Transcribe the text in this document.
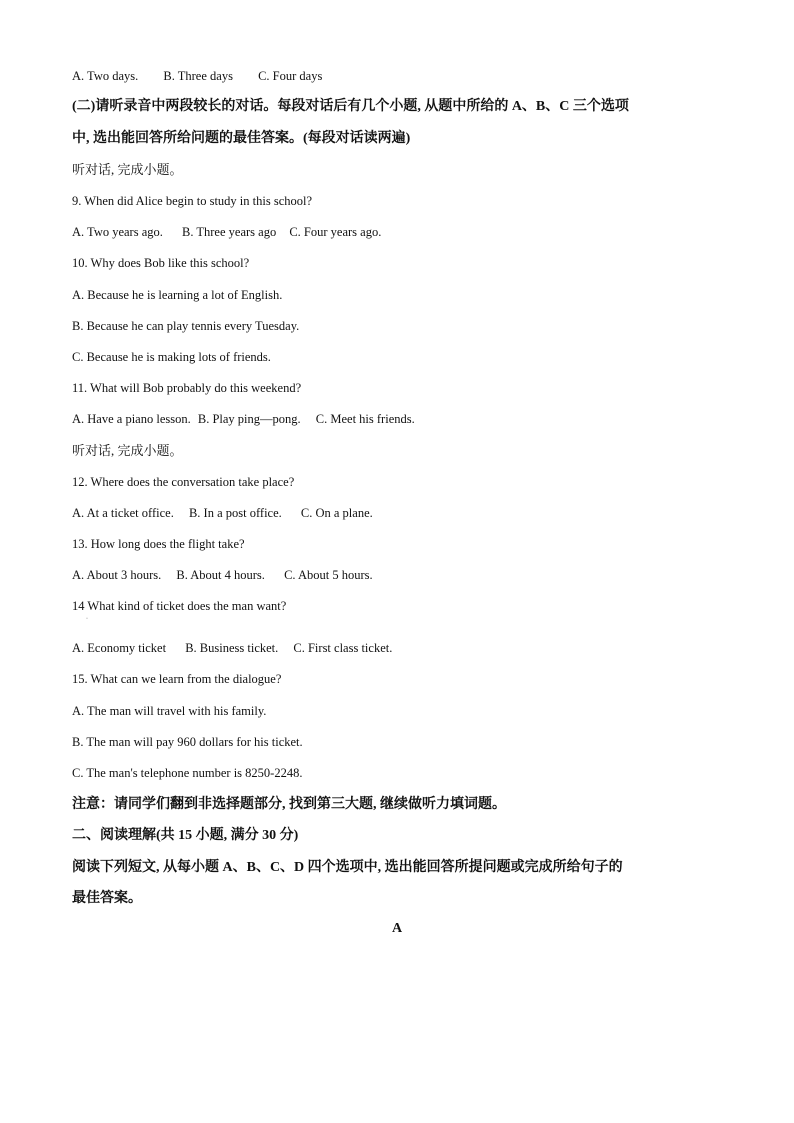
A. Two days. B. Three days C. Four days
(二)请听录音中两段较长的对话。每段对话后有几个小题, 从题中所给的 A、B、C 三个选项
中, 选出能回答所给问题的最佳答案。(每段对话读两遍)
听对话, 完成小题。
9. When did Alice begin to study in this school?
A. Two years ago. B. Three years ago C. Four years ago.
10. Why does Bob like this school?
A. Because he is learning a lot of English.
B. Because he can play tennis every Tuesday.
C. Because he is making lots of friends.
11. What will Bob probably do this weekend?
A. Have a piano lesson. B. Play ping—pong. C. Meet his friends.
听对话, 完成小题。
12. Where does the conversation take place?
A. At a ticket office. B. In a post office. C. On a plane.
13. How long does the flight take?
A. About 3 hours. B. About 4 hours. C. About 5 hours.
14 What kind of ticket does the man want?
·
A. Economy ticket B. Business ticket. C. First class ticket.
15. What can we learn from the dialogue?
A. The man will travel with his family.
B. The man will pay 960 dollars for his ticket.
C. The man's telephone number is 8250-2248.
注意：请同学们翻到非选择题部分, 找到第三大题, 继续做听力填词题。
二、阅读理解(共 15 小题, 满分 30 分)
阅读下列短文, 从每小题 A、B、C、D 四个选项中, 选出能回答所提问题或完成所给句子的
最佳答案。
A
